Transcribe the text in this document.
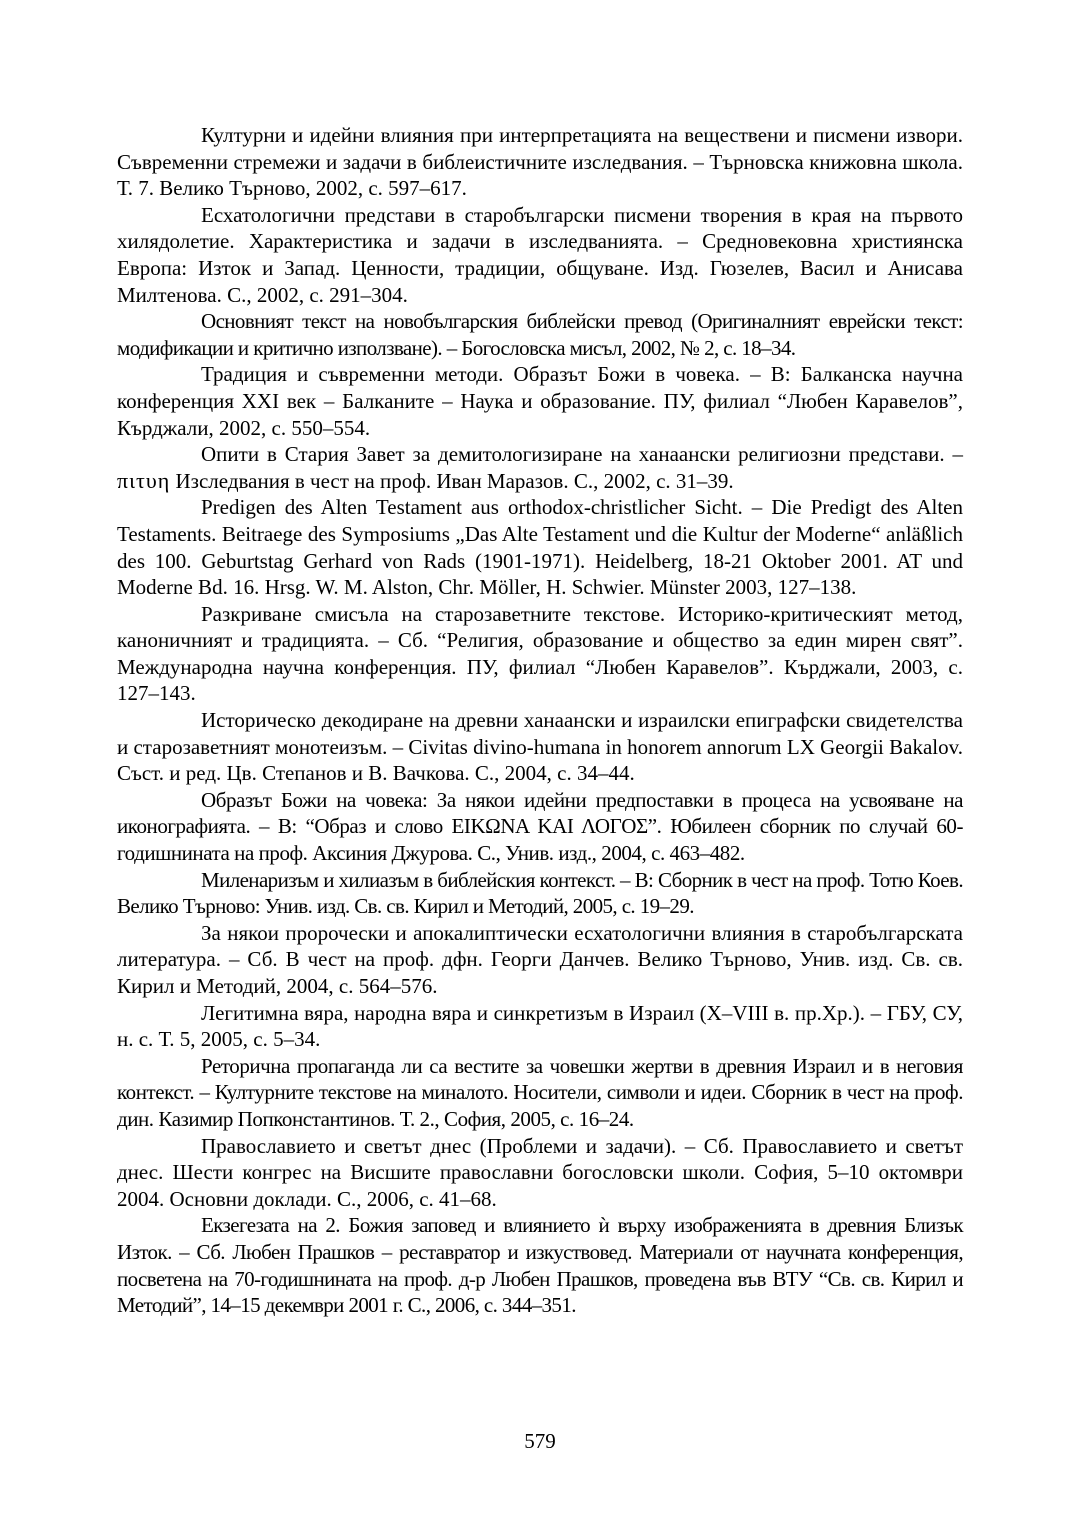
Културни и идейни влияния при интерпретацията на веществени и писмени извори. Съвременни стремежи и задачи в библеистичните изследвания. – Търновска книжовна школа. Т. 7. Велико Търново, 2002, с. 597–617.

Есхатологични представи в старобългарски писмени творения в края на първото хилядолетие. Характеристика и задачи в изследванията. – Средновековна християнска Европа: Изток и Запад. Ценности, традиции, общуване. Изд. Гюзелев, Васил и Анисава Милтенова. С., 2002, с. 291–304.

Основният текст на новобългарския библейски превод (Оригиналният еврейски текст: модификации и критично използване). – Богословска мисъл, 2002, № 2, с. 18–34.

Традиция и съвременни методи. Образът Божи в човека. – В: Балканска научна конференция XXI век – Балканите – Наука и образование. ПУ, филиал “Любен Каравелов”, Кърджали, 2002, с. 550–554.

Опити в Стария Завет за демитологизиране на ханаански религиозни представи. – πιτυη Изследвания в чест на проф. Иван Маразов. С., 2002, с. 31–39.

Predigen des Alten Testament aus orthodox-christlicher Sicht. – Die Predigt des Alten Testaments. Beitraege des Symposiums „Das Alte Testament und die Kultur der Moderne“ anläßlich des 100. Geburtstag Gerhard von Rads (1901-1971). Heidelberg, 18-21 Oktober 2001. AT und Moderne Bd. 16. Hrsg. W. M. Alston, Chr. Möller, H. Schwier. Münster 2003, 127–138.

Разкриване смисъла на старозаветните текстове. Историко-критическият метод, каноничният и традицията. – Сб. “Религия, образование и общество за един мирен свят”. Международна научна конференция. ПУ, филиал “Любен Каравелов”. Кърджали, 2003, с. 127–143.

Историческо декодиране на древни ханаански и израилски епиграфски свидетелства и старозаветният монотеизъм. – Civitas divino-humana in honorem annorum LX Georgii Bakalov. Съст. и ред. Цв. Степанов и В. Вачкова. С., 2004, с. 34–44.

Образът Божи на човека: За някои идейни предпоставки в процеса на усвояване на иконографията. – В: “Образ и слово ΕΙΚΩΝΑ ΚΑΙ ΛΟΓΟΣ”. Юбилеен сборник по случай 60-годишнината на проф. Аксиния Джурова. С., Унив. изд., 2004, с. 463–482.

Миленаризъм и хилиазъм в библейския контекст. – В: Сборник в чест на проф. Тотю Коев. Велико Търново: Унив. изд. Св. св. Кирил и Методий, 2005, с. 19–29.

За някои пророчески и апокалиптически есхатологични влияния в старобългарската литература. – Сб. В чест на проф. дфн. Георги Данчев. Велико Търново, Унив. изд. Св. св. Кирил и Методий, 2004, с. 564–576.

Легитимна вяра, народна вяра и синкретизъм в Израил (X–VIII в. пр.Хр.). – ГБУ, СУ, н. с. Т. 5, 2005, с. 5–34.

Реторична пропаганда ли са вестите за човешки жертви в древния Израил и в неговия контекст. – Културните текстове на миналото. Носители, символи и идеи. Сборник в чест на проф. дин. Казимир Попконстантинов. Т. 2., София, 2005, с. 16–24.

Православието и светът днес (Проблеми и задачи). – Сб. Православието и светът днес. Шести конгрес на Висшите православни богословски школи. София, 5–10 октомври 2004. Основни доклади. С., 2006, с. 41–68.

Екзегезата на 2. Божия заповед и влиянието ѝ върху изображенията в древния Близък Изток. – Сб. Любен Прашков – реставратор и изкуствовед. Материали от научната конференция, посветена на 70-годишнината на проф. д-р Любен Прашков, проведена във ВТУ “Св. св. Кирил и Методий”, 14–15 декември 2001 г. С., 2006, с. 344–351.

579
